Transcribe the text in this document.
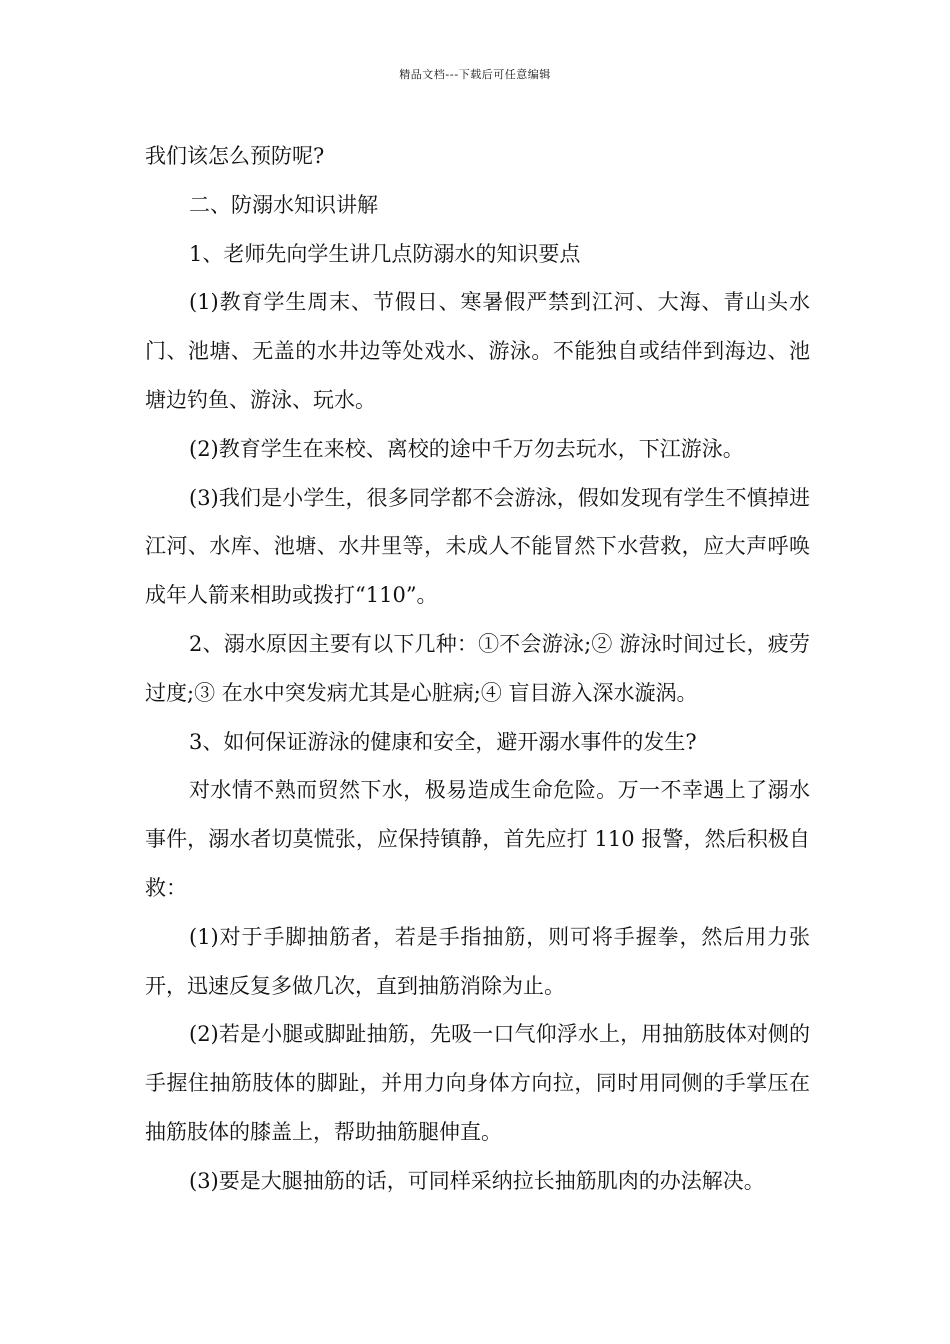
精品文档---下载后可任意编辑

我们该怎么预防呢?

二、防溺水知识讲解

1、老师先向学生讲几点防溺水的知识要点

(1)教育学生周末、节假日、寒暑假严禁到江河、大海、青山头水门、池塘、无盖的水井边等处戏水、游泳。不能独自或结伴到海边、池塘边钓鱼、游泳、玩水。

(2)教育学生在来校、离校的途中千万勿去玩水，下江游泳。

(3)我们是小学生，很多同学都不会游泳，假如发现有学生不慎掉进江河、水库、池塘、水井里等，未成人不能冒然下水营救，应大声呼唤成年人箭来相助或拨打“110”。

2、溺水原因主要有以下几种：①不会游泳;② 游泳时间过长，疲劳过度;③ 在水中突发病尤其是心脏病;④ 盲目游入深水漩涡。

3、如何保证游泳的健康和安全，避开溺水事件的发生?

对水情不熟而贸然下水，极易造成生命危险。万一不幸遇上了溺水事件，溺水者切莫慌张，应保持镇静，首先应打 110 报警，然后积极自救：

(1)对于手脚抽筋者，若是手指抽筋，则可将手握拳，然后用力张开，迅速反复多做几次，直到抽筋消除为止。

(2)若是小腿或脚趾抽筋，先吸一口气仰浮水上，用抽筋肢体对侧的手握住抽筋肢体的脚趾，并用力向身体方向拉，同时用同侧的手掌压在抽筋肢体的膝盖上，帮助抽筋腿伸直。

(3)要是大腿抽筋的话，可同样采纳拉长抽筋肌肉的办法解决。
